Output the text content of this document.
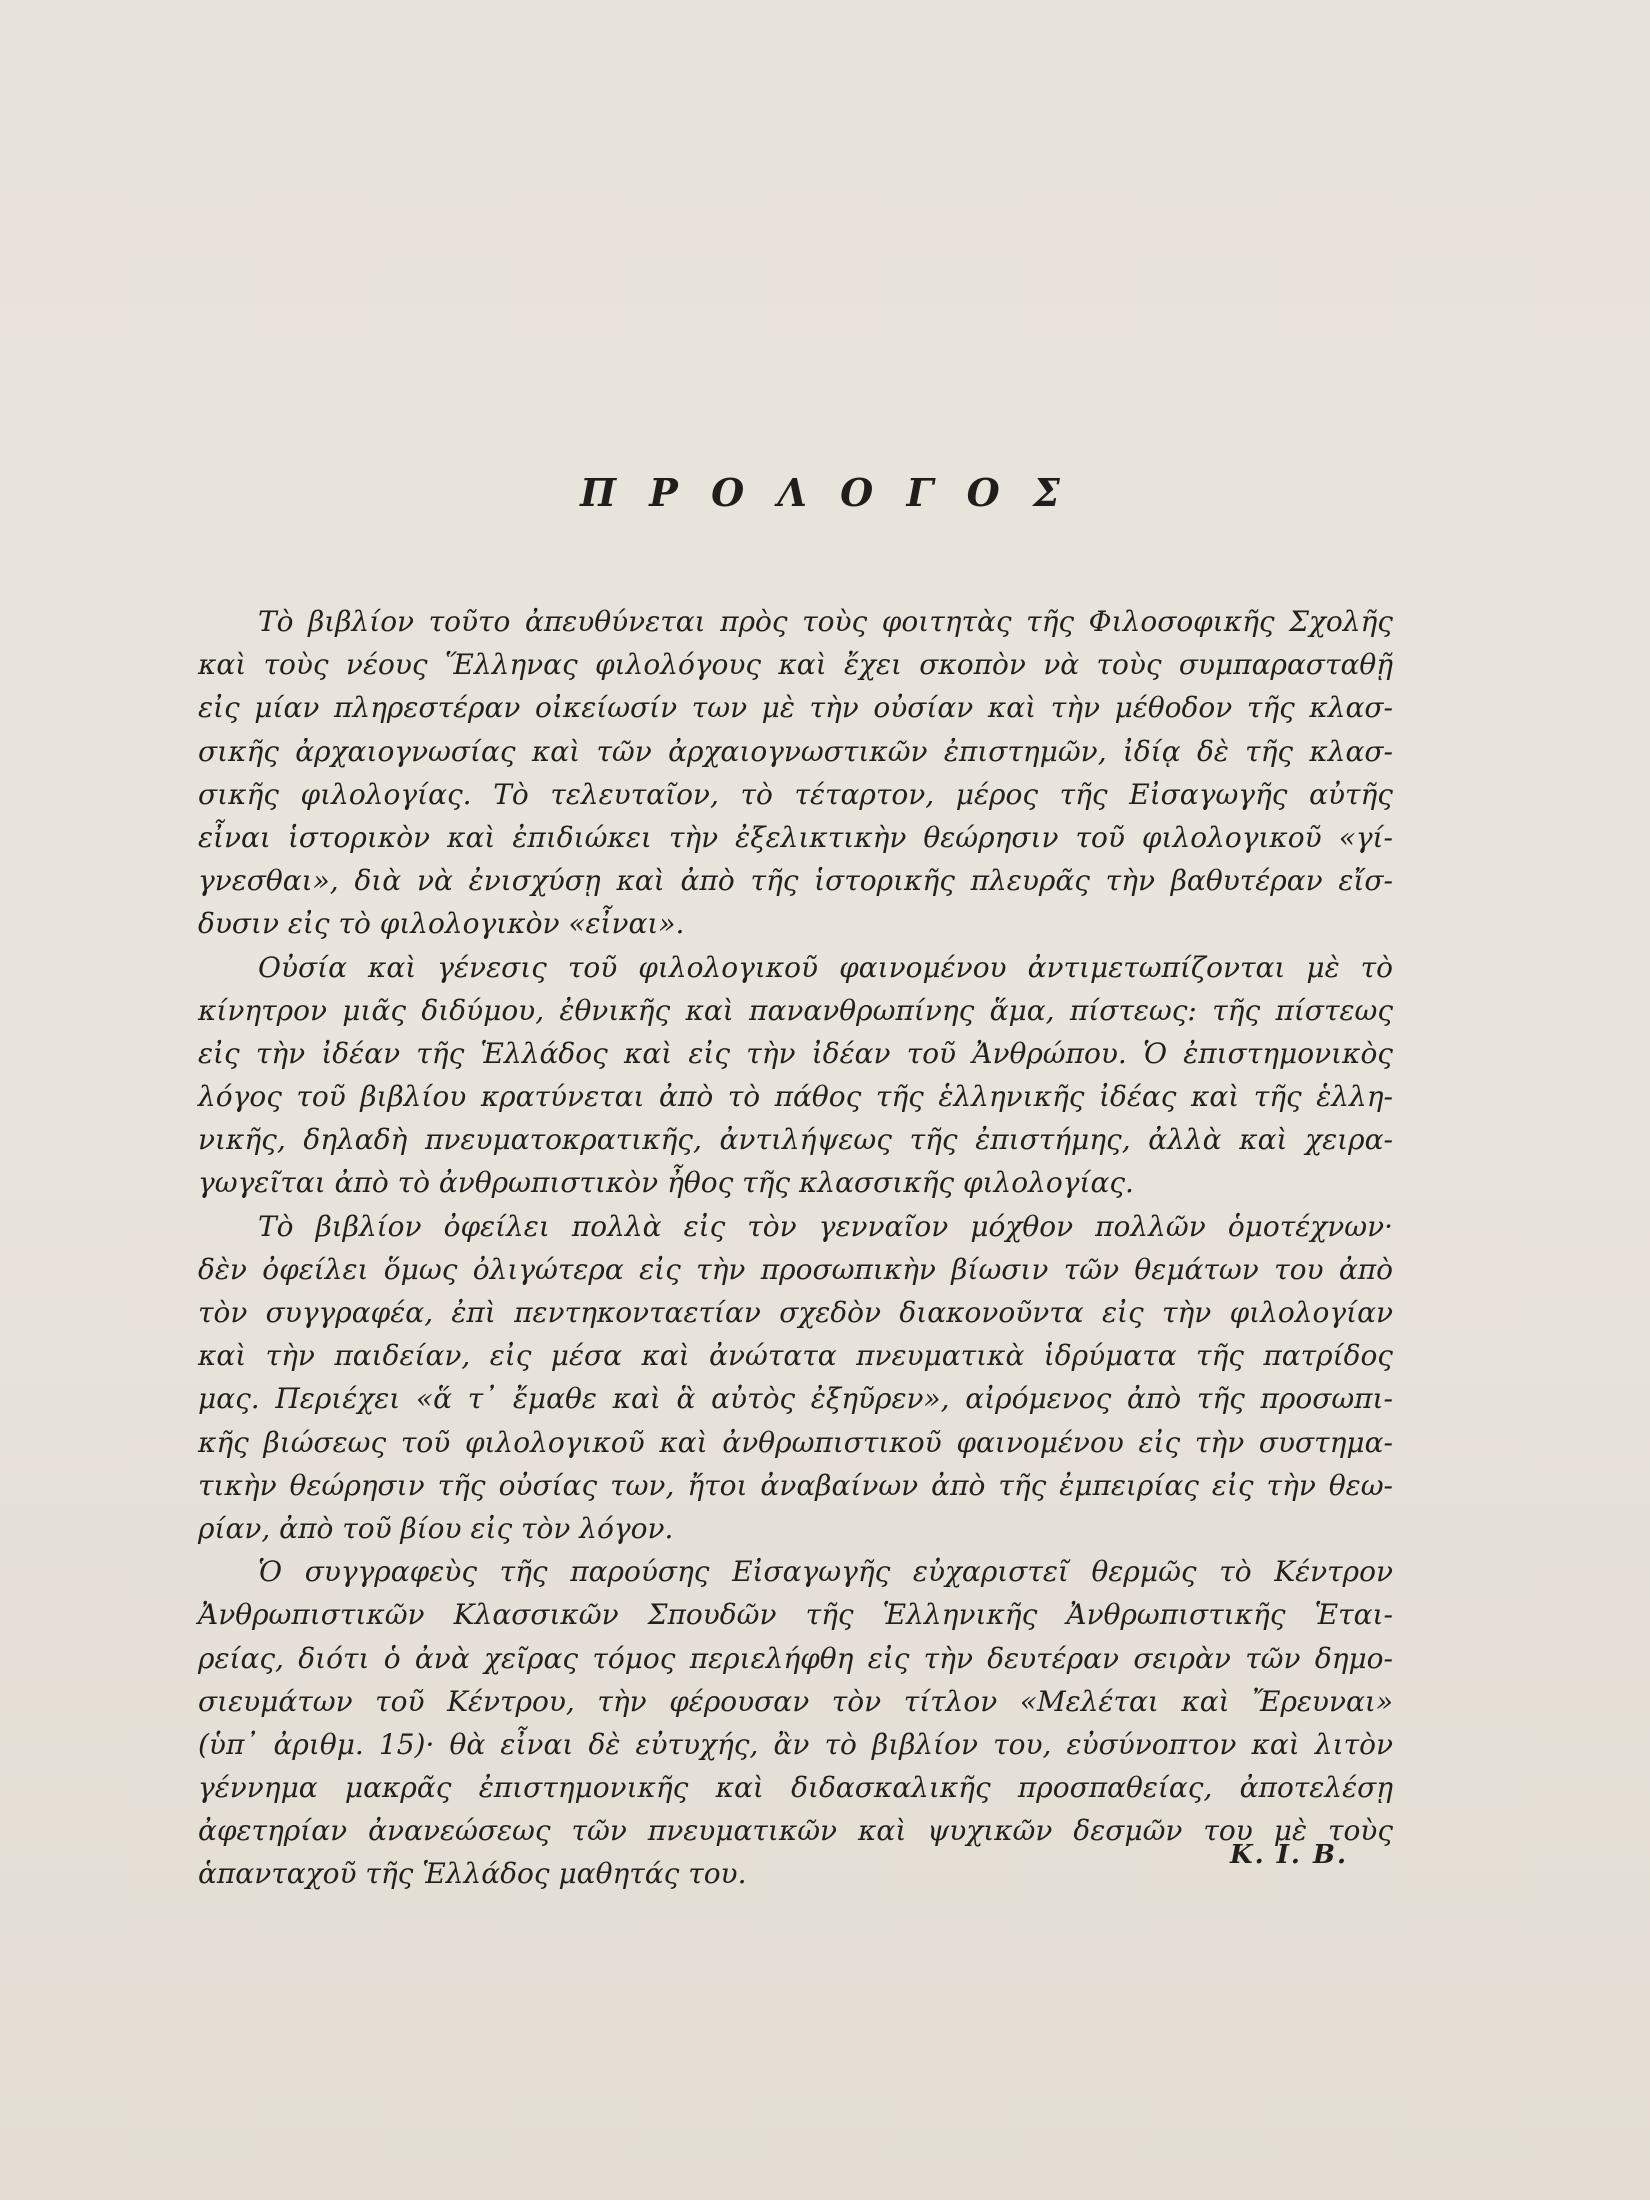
Π Ρ Ο Λ Ο Γ Ο Σ
Τὸ βιβλίον τοῦτο ἀπευθύνεται πρὸς τοὺς φοιτητὰς τῆς Φιλοσοφικῆς Σχολῆς
καὶ τοὺς νέους Ἕλληνας φιλολόγους καὶ ἔχει σκοπὸν νὰ τοὺς συμπαρασταθῇ
εἰς μίαν πληρεστέραν οἰκείωσίν των μὲ τὴν οὐσίαν καὶ τὴν μέθοδον τῆς κλασ-
σικῆς ἀρχαιογνωσίας καὶ τῶν ἀρχαιογνωστικῶν ἐπιστημῶν, ἰδίᾳ δὲ τῆς κλασ-
σικῆς φιλολογίας. Τὸ τελευταῖον, τὸ τέταρτον, μέρος τῆς Εἰσαγωγῆς αὐτῆς
εἶναι ἱστορικὸν καὶ ἐπιδιώκει τὴν ἐξελικτικὴν θεώρησιν τοῦ φιλολογικοῦ «γί-
γνεσθαι», διὰ νὰ ἐνισχύσῃ καὶ ἀπὸ τῆς ἱστορικῆς πλευρᾶς τὴν βαθυτέραν εἴσ-
δυσιν εἰς τὸ φιλολογικὸν «εἶναι».
Οὐσία καὶ γένεσις τοῦ φιλολογικοῦ φαινομένου ἀντιμετωπίζονται μὲ τὸ
κίνητρον μιᾶς διδύμου, ἐθνικῆς καὶ πανανθρωπίνης ἅμα, πίστεως: τῆς πίστεως
εἰς τὴν ἰδέαν τῆς Ἑλλάδος καὶ εἰς τὴν ἰδέαν τοῦ Ἀνθρώπου. Ὁ ἐπιστημονικὸς
λόγος τοῦ βιβλίου κρατύνεται ἀπὸ τὸ πάθος τῆς ἑλληνικῆς ἰδέας καὶ τῆς ἑλλη-
νικῆς, δηλαδὴ πνευματοκρατικῆς, ἀντιλήψεως τῆς ἐπιστήμης, ἀλλὰ καὶ χειρα-
γωγεῖται ἀπὸ τὸ ἀνθρωπιστικὸν ἦθος τῆς κλασσικῆς φιλολογίας.
Τὸ βιβλίον ὀφείλει πολλὰ εἰς τὸν γενναῖον μόχθον πολλῶν ὁμοτέχνων·
δὲν ὀφείλει ὅμως ὀλιγώτερα εἰς τὴν προσωπικὴν βίωσιν τῶν θεμάτων του ἀπὸ
τὸν συγγραφέα, ἐπὶ πεντηκονταετίαν σχεδὸν διακονοῦντα εἰς τὴν φιλολογίαν
καὶ τὴν παιδείαν, εἰς μέσα καὶ ἀνώτατα πνευματικὰ ἱδρύματα τῆς πατρίδος
μας. Περιέχει «ἅ τ᾽ ἔμαθε καὶ ἃ αὐτὸς ἐξηῦρεν», αἰρόμενος ἀπὸ τῆς προσωπι-
κῆς βιώσεως τοῦ φιλολογικοῦ καὶ ἀνθρωπιστικοῦ φαινομένου εἰς τὴν συστημα-
τικὴν θεώρησιν τῆς οὐσίας των, ἤτοι ἀναβαίνων ἀπὸ τῆς ἐμπειρίας εἰς τὴν θεω-
ρίαν, ἀπὸ τοῦ βίου εἰς τὸν λόγον.
Ὁ συγγραφεὺς τῆς παρούσης Εἰσαγωγῆς εὐχαριστεῖ θερμῶς τὸ Κέντρον
Ἀνθρωπιστικῶν Κλασσικῶν Σπουδῶν τῆς Ἑλληνικῆς Ἀνθρωπιστικῆς Ἑται-
ρείας, διότι ὁ ἀνὰ χεῖρας τόμος περιελήφθη εἰς τὴν δευτέραν σειρὰν τῶν δημο-
σιευμάτων τοῦ Κέντρου, τὴν φέρουσαν τὸν τίτλον «Μελέται καὶ Ἔρευναι»
(ὑπ᾽ ἀριθμ. 15)· θὰ εἶναι δὲ εὐτυχής, ἂν τὸ βιβλίον του, εὐσύνοπτον καὶ λιτὸν
γέννημα μακρᾶς ἐπιστημονικῆς καὶ διδασκαλικῆς προσπαθείας, ἀποτελέσῃ
ἀφετηρίαν ἀνανεώσεως τῶν πνευματικῶν καὶ ψυχικῶν δεσμῶν του μὲ τοὺς
ἁπανταχοῦ τῆς Ἑλλάδος μαθητάς του.
Κ. Ι. Β.
